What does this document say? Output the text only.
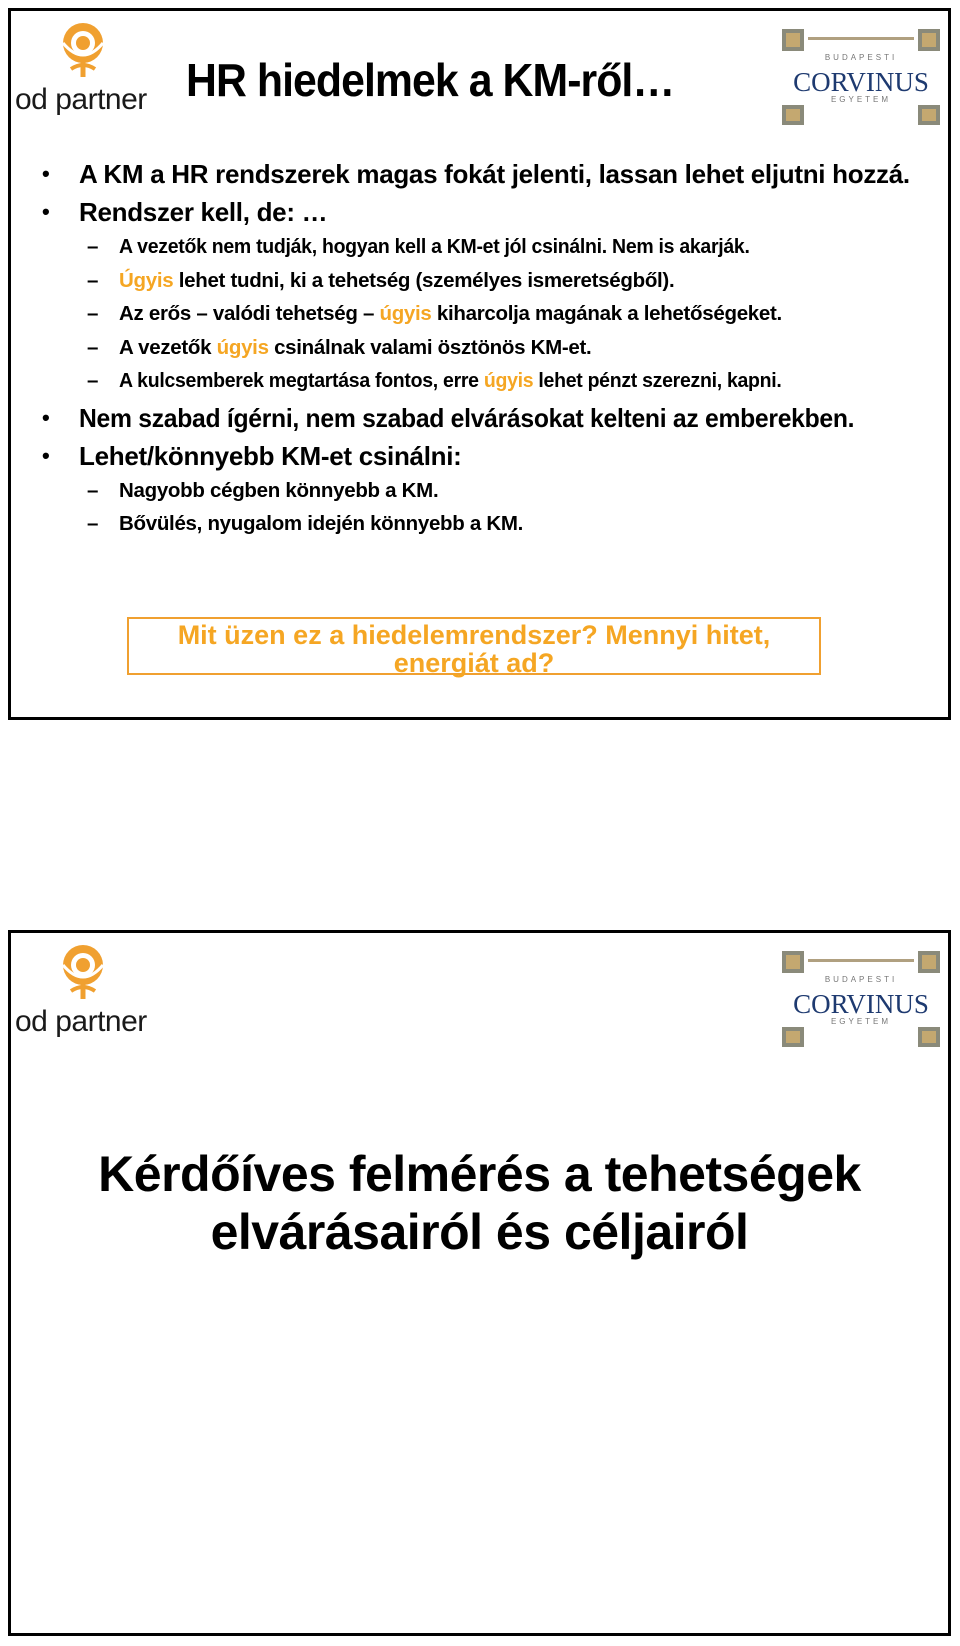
od partner HR hiedelmek a KM-ről…	BUDAPESTI
CORVINUS
EGYETEM
• A KM a HR rendszerek magas fokát jelenti, lassan lehet eljutni hozzá.
• Rendszer kell, de: …
– A vezetők nem tudják, hogyan kell a KM-et jól csinálni. Nem is akarják.
– Úgyis lehet tudni, ki a tehetség (személyes ismeretségből).
– Az erős – valódi tehetség – úgyis kiharcolja magának a lehetőségeket.
– A vezetők úgyis csinálnak valami ösztönös KM-et.
– A kulcsemberek megtartása fontos, erre úgyis lehet pénzt szerezni, kapni.
• Nem szabad ígérni, nem szabad elvárásokat kelteni az emberekben.
• Lehet/könnyebb KM-et csinálni:
– Nagyobb cégben könnyebb a KM.
– Bővülés, nyugalom idején könnyebb a KM.
Mit üzen ez a hiedelemrendszer? Mennyi hitet,
energiát ad?
od partner
BUDAPESTI
CORVINUS
EGYETEM
Kérdőíves felmérés a tehetségek
elvárásairól és céljairól
